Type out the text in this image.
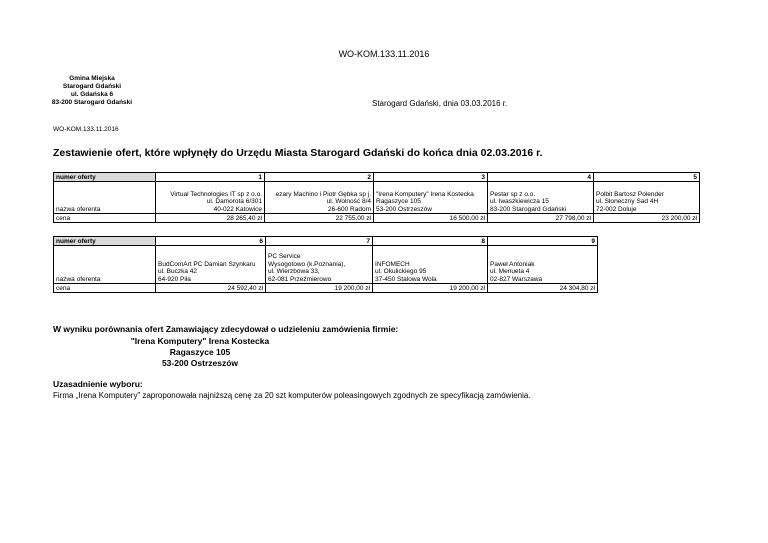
WO-KOM.133.11.2016
Gmina Miejska
Starogard Gdański
ul. Gdańska 6
83-200 Starogard Gdański	Starogard Gdański, dnia 03.03.2016 r.
WO-KOM.133.11.2016
Zestawienie ofert, które wpłynęły do Urzędu Miasta Starogard Gdański do końca dnia 02.03.2016 r.
numer oferty	1	2	3	4	5
nazwa oferenta	Virtual Technologies IT sp z o.o.
ul. Damorota 6/301
40-022 Katowice	ezary Machino i Piotr Gębka sp j.
ul. Wolność 8/4
26-600 Radom	"Irena Komputery" Irena Kostecka
Ragaszyce 105
53-200 Ostrzeszów	Pestar sp z o.o.
ul. Iwaszkiewicza 15
83-200 Starogard Gdański	Polbit Bartosz Polender
ul. Słoneczny Sad 4H
72-002 Doluje

cena	28 265,40 zł	22 755,00 zł	16 500,00 zł	27 798,00 zł	23 200,00 zł
numer oferty	6	7	8	9
nazwa oferenta	BudComArt PC Damian Szynkaru
ul. Buczka 42
64-920 Piła	PC Service
Wysogotowo (k.Poznania),
ul. Wierzbowa 33,
62-081 Przeźmierowo	INFOMECH
ul. Okulickiego 95
37-450 Stalowa Wola	Paweł Antoniak
ul. Menueta 4
02-827 Warszawa

cena	24 592,40 zł	19 200,00 zł	19 200,00 zł	24 304,80 zł
W wyniku porównania ofert Zamawiający zdecydował o udzieleniu zamówienia firmie:
"Irena Komputery" Irena Kostecka
Ragaszyce 105
53-200 Ostrzeszów
Uzasadnienie wyboru:
Firma „Irena Komputery” zaproponowała najniższą cenę za 20 szt komputerów poleasingowych zgodnych ze specyfikacją zamówienia.
